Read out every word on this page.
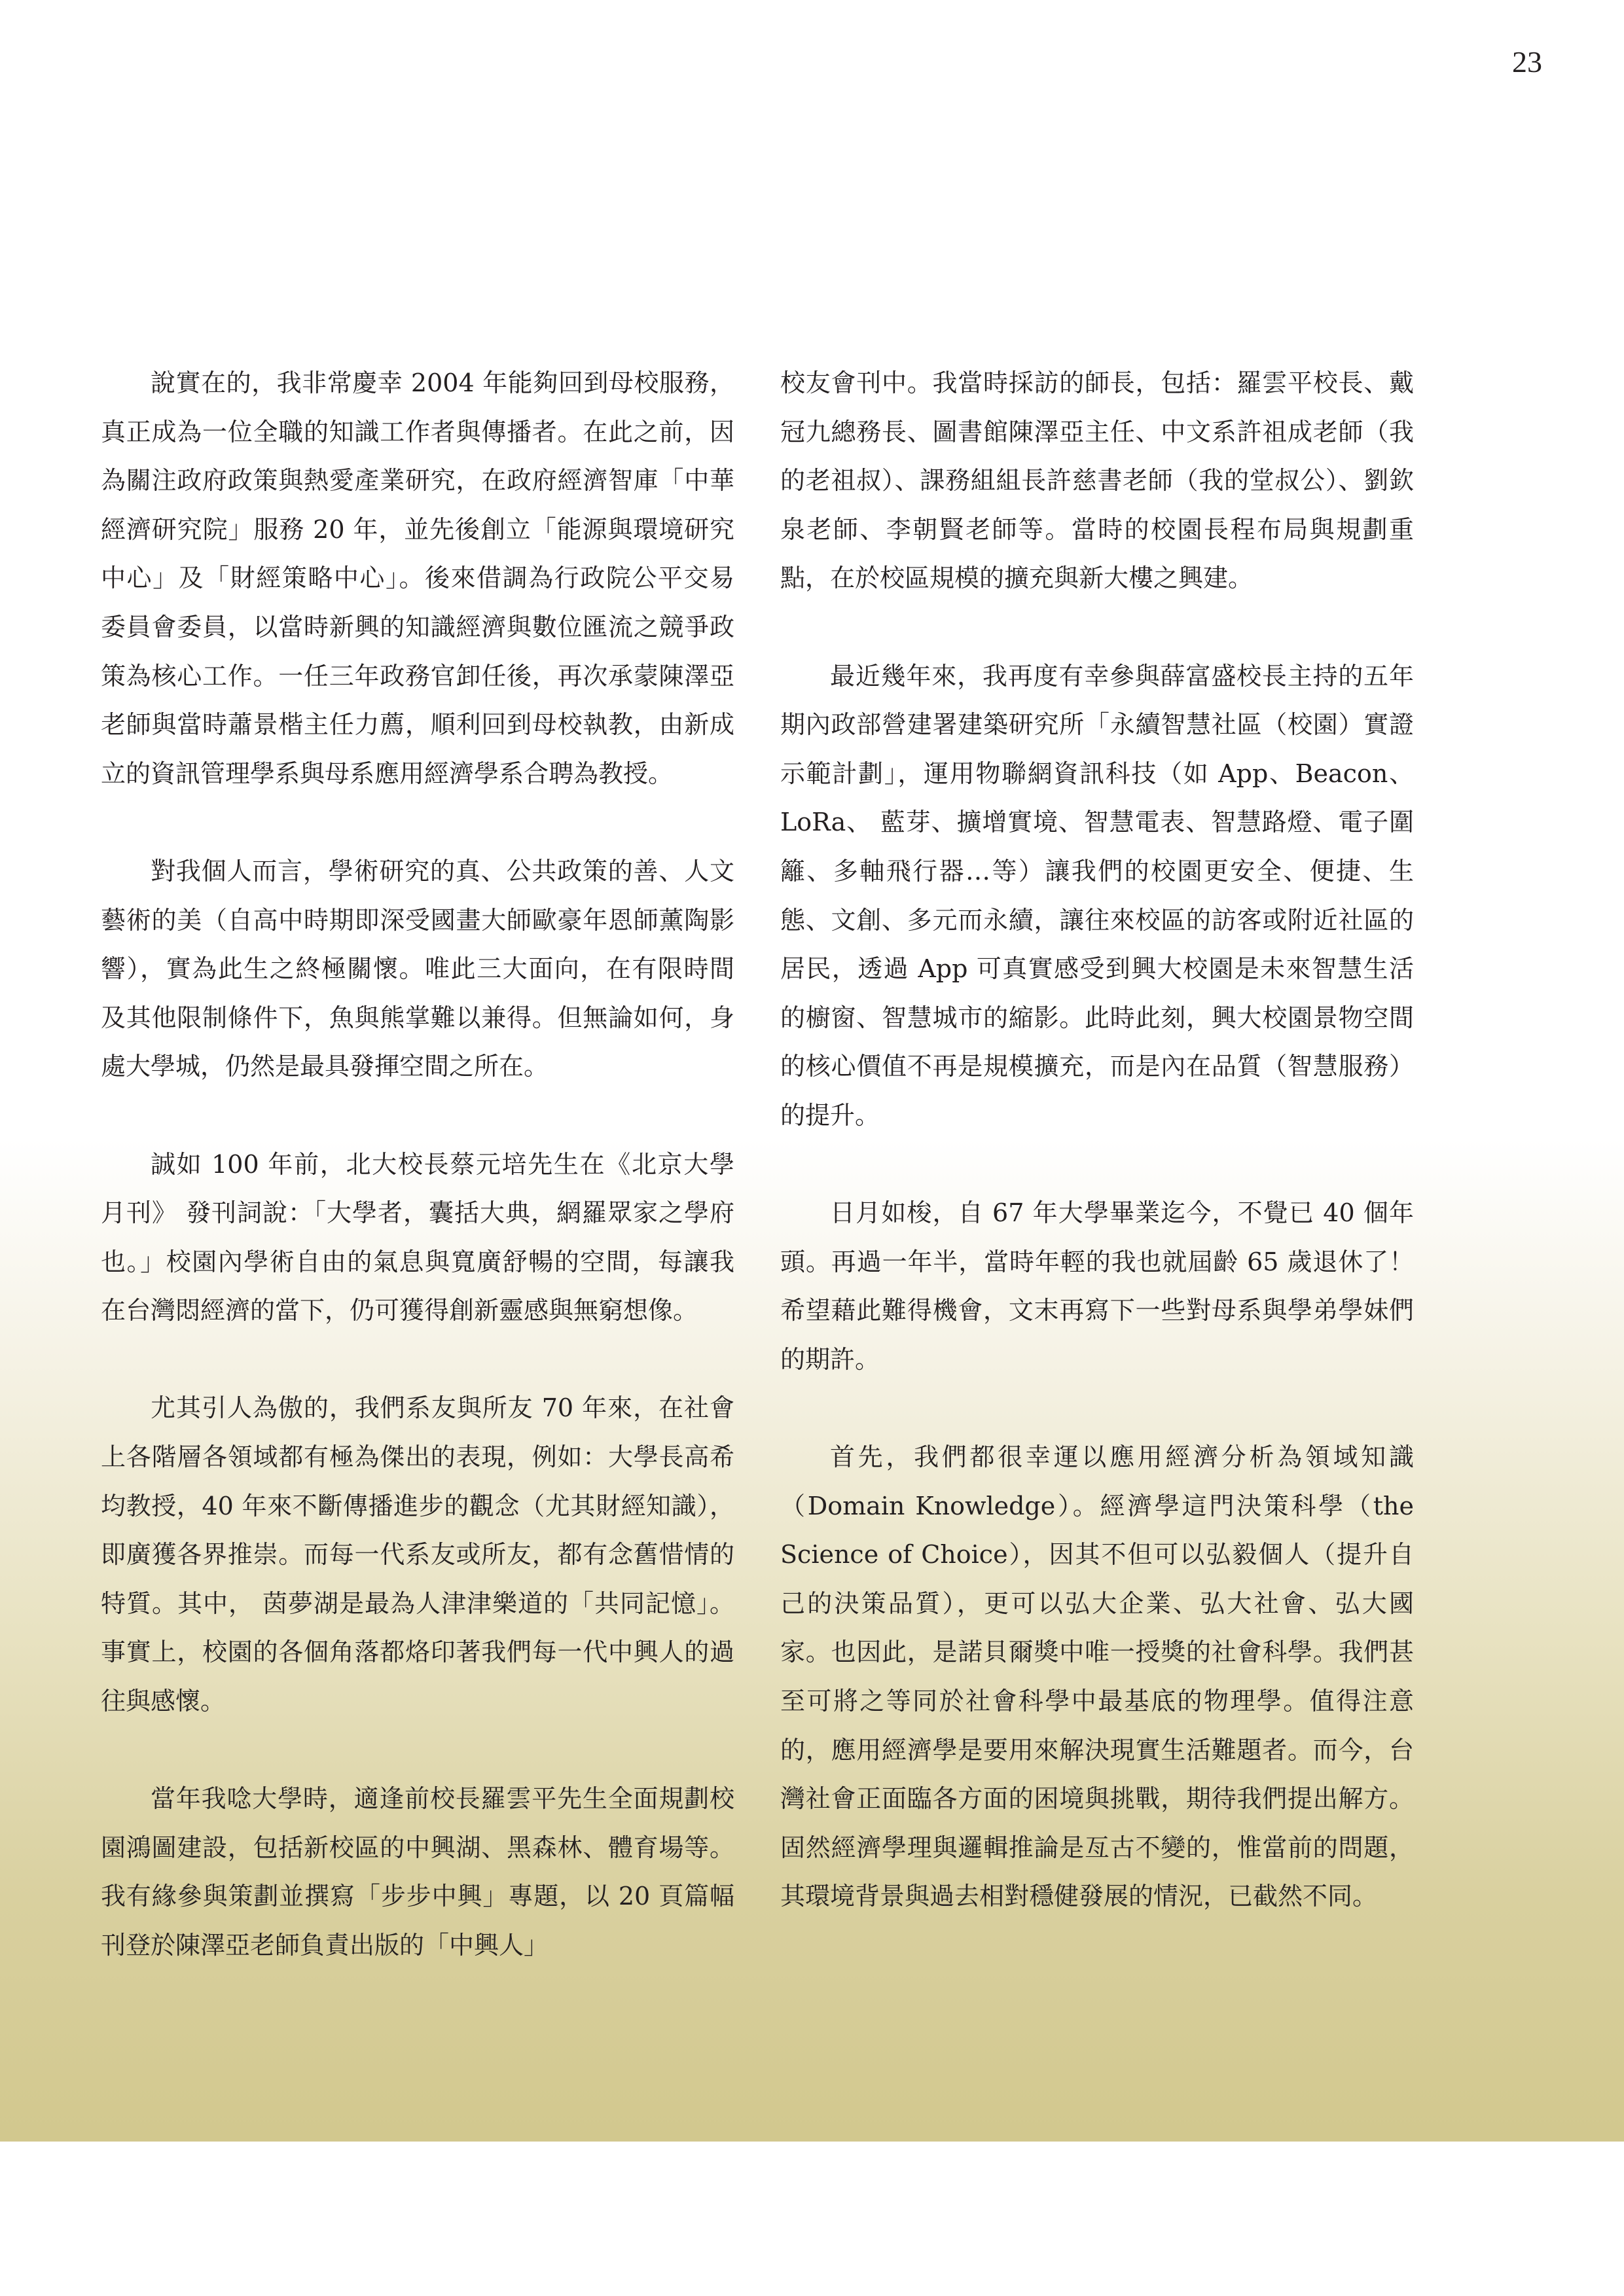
23

說實在的，我非常慶幸 2004 年能夠回到母校服務，真正成為一位全職的知識工作者與傳播者。在此之前，因為關注政府政策與熱愛產業研究，在政府經濟智庫「中華經濟研究院」服務 20 年，並先後創立「能源與環境研究中心」及「財經策略中心」。後來借調為行政院公平交易委員會委員，以當時新興的知識經濟與數位匯流之競爭政策為核心工作。一任三年政務官卸任後，再次承蒙陳澤亞老師與當時蕭景楷主任力薦，順利回到母校執教，由新成立的資訊管理學系與母系應用經濟學系合聘為教授。

對我個人而言，學術研究的真、公共政策的善、人文藝術的美（自高中時期即深受國畫大師歐豪年恩師薰陶影響），實為此生之終極關懷。唯此三大面向，在有限時間及其他限制條件下，魚與熊掌難以兼得。但無論如何，身處大學城，仍然是最具發揮空間之所在。

誠如 100 年前，北大校長蔡元培先生在《北京大學月刊》 發刊詞說：「大學者，囊括大典，網羅眾家之學府也。」校園內學術自由的氣息與寬廣舒暢的空間，每讓我在台灣悶經濟的當下，仍可獲得創新靈感與無窮想像。

尤其引人為傲的，我們系友與所友 70 年來，在社會上各階層各領域都有極為傑出的表現，例如：大學長高希均教授，40 年來不斷傳播進步的觀念（尤其財經知識），即廣獲各界推崇。而每一代系友或所友，都有念舊惜情的特質。其中， 茵夢湖是最為人津津樂道的「共同記憶」。事實上，校園的各個角落都烙印著我們每一代中興人的過往與感懷。

當年我唸大學時，適逢前校長羅雲平先生全面規劃校園鴻圖建設，包括新校區的中興湖、黑森林、體育場等。我有緣參與策劃並撰寫「步步中興」專題，以 20 頁篇幅刊登於陳澤亞老師負責出版的「中興人」

校友會刊中。我當時採訪的師長，包括：羅雲平校長、戴冠九總務長、圖書館陳澤亞主任、中文系許祖成老師（我的老祖叔）、課務組組長許慈書老師（我的堂叔公）、劉欽泉老師、李朝賢老師等。當時的校園長程布局與規劃重點，在於校區規模的擴充與新大樓之興建。

最近幾年來，我再度有幸參與薛富盛校長主持的五年期內政部營建署建築研究所「永續智慧社區（校園）實證示範計劃」，運用物聯網資訊科技（如 App、Beacon、LoRa、 藍芽、擴增實境、智慧電表、智慧路燈、電子圍籬、多軸飛行器…等）讓我們的校園更安全、便捷、生態、文創、多元而永續，讓往來校區的訪客或附近社區的居民，透過 App 可真實感受到興大校園是未來智慧生活的櫥窗、智慧城市的縮影。此時此刻，興大校園景物空間的核心價值不再是規模擴充，而是內在品質（智慧服務）的提升。

日月如梭，自 67 年大學畢業迄今，不覺已 40 個年頭。再過一年半，當時年輕的我也就屆齡 65 歲退休了！希望藉此難得機會，文末再寫下一些對母系與學弟學妹們的期許。

首先，我們都很幸運以應用經濟分析為領域知識（Domain Knowledge）。經濟學這門決策科學（the Science of Choice），因其不但可以弘毅個人（提升自己的決策品質），更可以弘大企業、弘大社會、弘大國家。也因此，是諾貝爾獎中唯一授獎的社會科學。我們甚至可將之等同於社會科學中最基底的物理學。值得注意的，應用經濟學是要用來解決現實生活難題者。而今，台灣社會正面臨各方面的困境與挑戰，期待我們提出解方。固然經濟學理與邏輯推論是亙古不變的，惟當前的問題，其環境背景與過去相對穩健發展的情況，已截然不同。
